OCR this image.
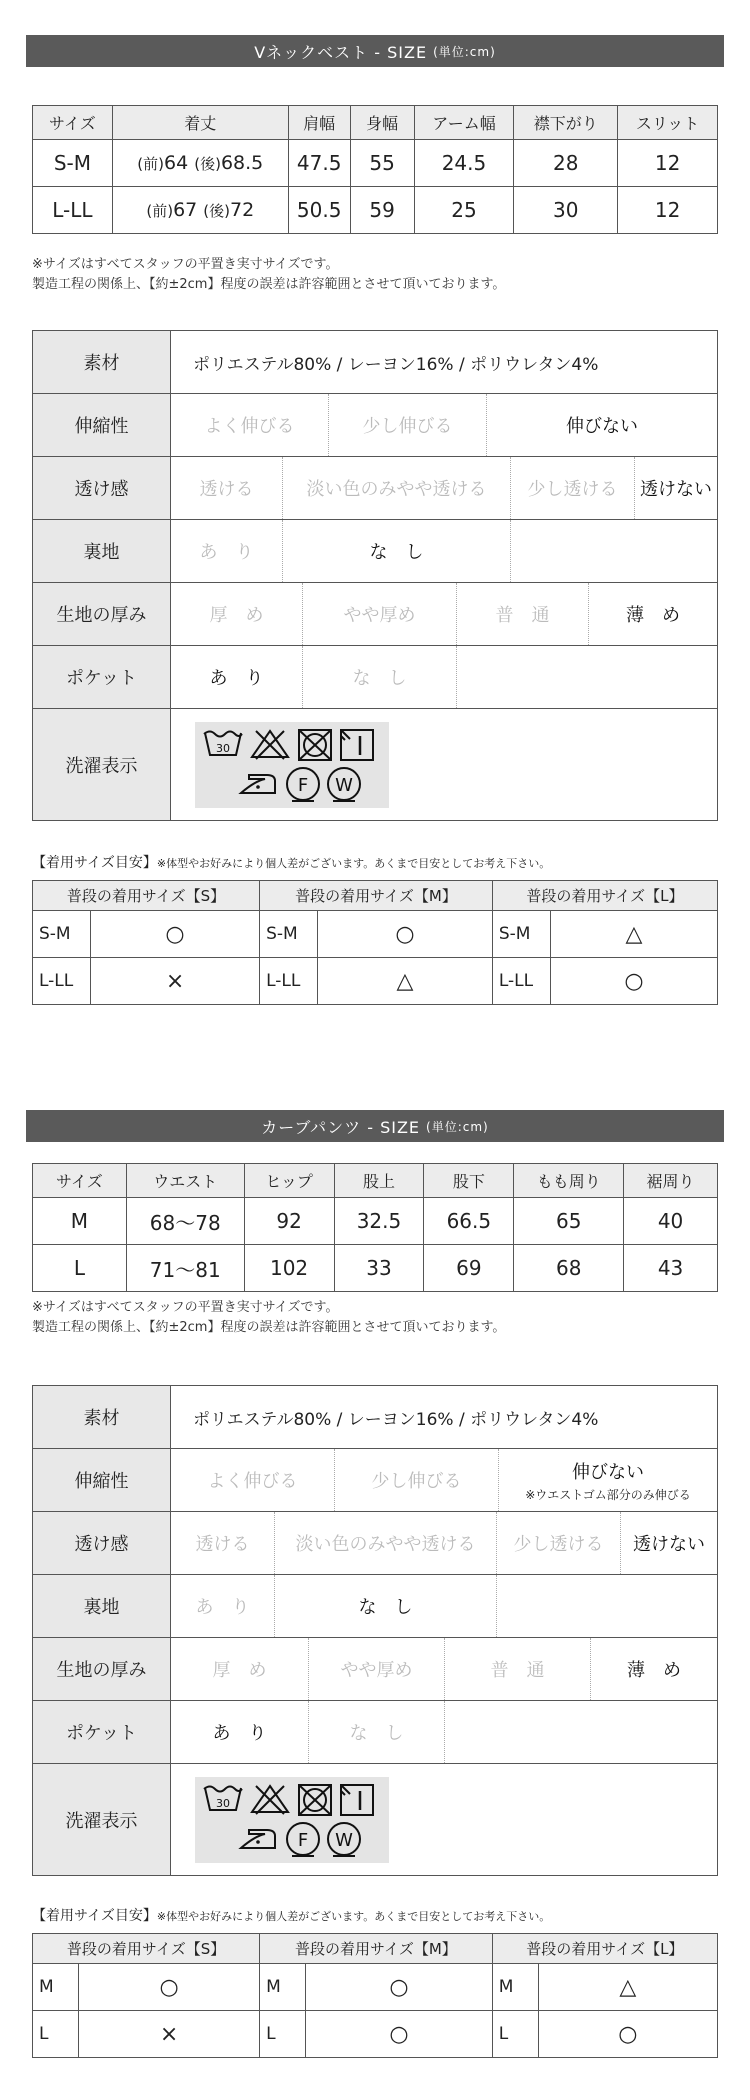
Vネックベスト - SIZE (単位:cm)
サイズ	着丈	肩幅	身幅	アーム幅	襟下がり	スリット
S-M	(前)64 (後)68.5	47.5	55	24.5	28	12
L-LL	(前)67 (後)72	50.5	59	25	30	12
※サイズはすべてスタッフの平置き実寸サイズです。
製造工程の関係上、【約±2cm】程度の誤差は許容範囲とさせて頂いております。
素材	ポリエステル80% / レーヨン16% / ポリウレタン4%		
伸縮性	よく伸びる	少し伸びる	伸びない
透け感	透ける	淡い色のみやや透ける	少し透ける	透けない
裏地	あ　り	な　し		
生地の厚み	厚　め	やや厚め	普　通	薄　め
ポケット	あ　り	な　し		
洗濯表示	
30
F W
【着用サイズ目安】※体型やお好みにより個人差がございます。あくまで目安としてお考え下さい。
普段の着用サイズ【S】		普段の着用サイズ【M】		普段の着用サイズ【L】	
S-M	○	S-M	○	S-M	△
L-LL	×	L-LL	△	L-LL	○
カーブパンツ - SIZE (単位:cm)
サイズ	ウエスト	ヒップ	股上	股下	もも周り	裾周り
M	68〜78	92	32.5	66.5	65	40
L	71〜81	102	33	69	68	43
※サイズはすべてスタッフの平置き実寸サイズです。
製造工程の関係上、【約±2cm】程度の誤差は許容範囲とさせて頂いております。
素材	ポリエステル80% / レーヨン16% / ポリウレタン4%		
伸縮性	よく伸びる	少し伸びる	伸びない
※ウエストゴム部分のみ伸びる
透け感	透ける	淡い色のみやや透ける	少し透ける	透けない
裏地	あ　り	な　し		
生地の厚み	厚　め	やや厚め	普　通	薄　め
ポケット	あ　り	な　し		
洗濯表示	
30
F W
【着用サイズ目安】※体型やお好みにより個人差がございます。あくまで目安としてお考え下さい。
普段の着用サイズ【S】		普段の着用サイズ【M】		普段の着用サイズ【L】	
M	○	M	○	M	△
L	×	L	○	L	○
